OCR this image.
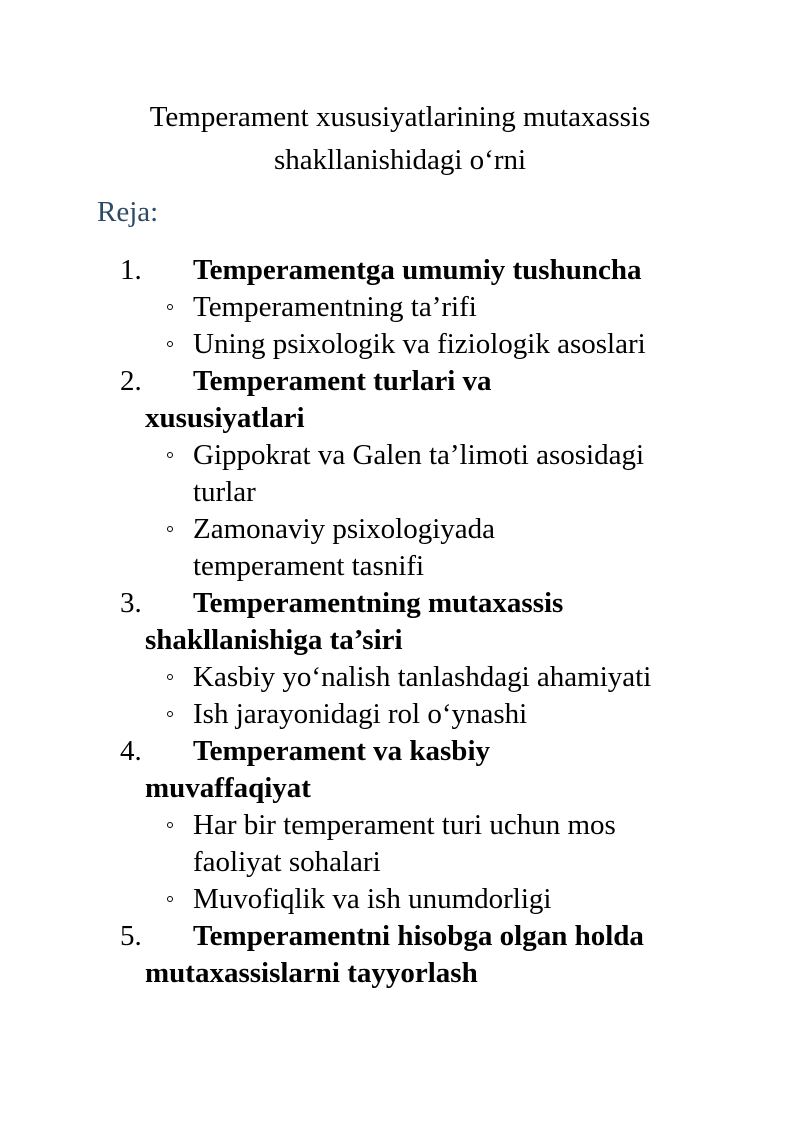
Temperament xususiyatlarining mutaxassis
shakllanishidagi o‘rni
Reja:
1. Temperamentga umumiy tushuncha
Temperamentning ta’rifi
Uning psixologik va fiziologik asoslari
2. Temperament turlari va xususiyatlari
Gippokrat va Galen ta’limoti asosidagi turlar
Zamonaviy psixologiyada temperament tasnifi
3. Temperamentning mutaxassis shakllanishiga ta’siri
Kasbiy yo‘nalish tanlashdagi ahamiyati
Ish jarayonidagi rol o‘ynashi
4. Temperament va kasbiy muvaffaqiyat
Har bir temperament turi uchun mos faoliyat sohalari
Muvofiqlik va ish unumdorligi
5. Temperamentni hisobga olgan holda mutaxassislarni tayyorlash
